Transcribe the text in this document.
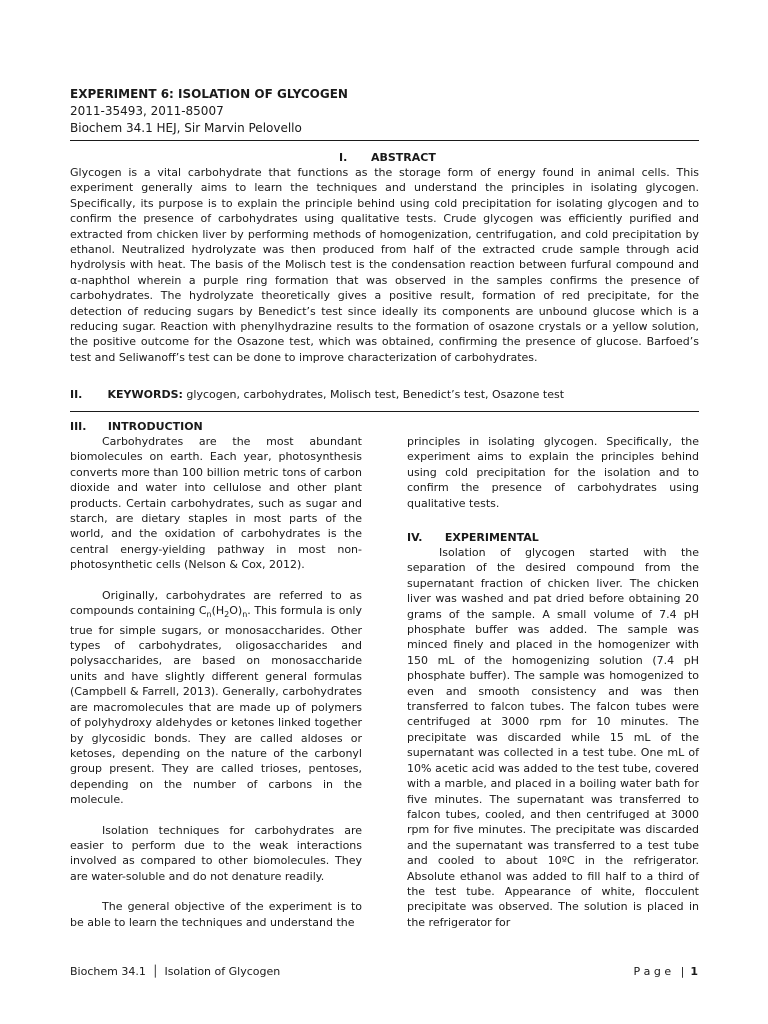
EXPERIMENT 6: ISOLATION OF GLYCOGEN
2011-35493, 2011-85007
Biochem 34.1 HEJ, Sir Marvin Pelovello
I. ABSTRACT
Glycogen is a vital carbohydrate that functions as the storage form of energy found in animal cells. This experiment generally aims to learn the techniques and understand the principles in isolating glycogen. Specifically, its purpose is to explain the principle behind using cold precipitation for isolating glycogen and to confirm the presence of carbohydrates using qualitative tests. Crude glycogen was efficiently purified and extracted from chicken liver by performing methods of homogenization, centrifugation, and cold precipitation by ethanol. Neutralized hydrolyzate was then produced from half of the extracted crude sample through acid hydrolysis with heat. The basis of the Molisch test is the condensation reaction between furfural compound and α-naphthol wherein a purple ring formation that was observed in the samples confirms the presence of carbohydrates. The hydrolyzate theoretically gives a positive result, formation of red precipitate, for the detection of reducing sugars by Benedict’s test since ideally its components are unbound glucose which is a reducing sugar. Reaction with phenylhydrazine results to the formation of osazone crystals or a yellow solution, the positive outcome for the Osazone test, which was obtained, confirming the presence of glucose. Barfoed’s test and Seliwanoff’s test can be done to improve characterization of carbohydrates.
II. KEYWORDS: glycogen, carbohydrates, Molisch test, Benedict’s test, Osazone test
III. INTRODUCTION

Carbohydrates are the most abundant biomolecules on earth. Each year, photosynthesis converts more than 100 billion metric tons of carbon dioxide and water into cellulose and other plant products. Certain carbohydrates, such as sugar and starch, are dietary staples in most parts of the world, and the oxidation of carbohydrates is the central energy-yielding pathway in most non-photosynthetic cells (Nelson & Cox, 2012).

Originally, carbohydrates are referred to as compounds containing $C_n(H_2O)_n$. This formula is only true for simple sugars, or monosaccharides. Other types of carbohydrates, oligosaccharides and polysaccharides, are based on monosaccharide units and have slightly different general formulas (Campbell & Farrell, 2013). Generally, carbohydrates are macromolecules that are made up of polymers of polyhydroxy aldehydes or ketones linked together by glycosidic bonds. They are called aldoses or ketoses, depending on the nature of the carbonyl group present. They are called trioses, pentoses, depending on the number of carbons in the molecule.

Isolation techniques for carbohydrates are easier to perform due to the weak interactions involved as compared to other biomolecules. They are water-soluble and do not denature readily.

The general objective of the experiment is to be able to learn the techniques and understand the

principles in isolating glycogen. Specifically, the experiment aims to explain the principles behind using cold precipitation for the isolation and to confirm the presence of carbohydrates using qualitative tests.

IV. EXPERIMENTAL

Isolation of glycogen started with the separation of the desired compound from the supernatant fraction of chicken liver. The chicken liver was washed and pat dried before obtaining 20 grams of the sample. A small volume of 7.4 pH phosphate buffer was added. The sample was minced finely and placed in the homogenizer with 150 mL of the homogenizing solution (7.4 pH phosphate buffer). The sample was homogenized to even and smooth consistency and was then transferred to falcon tubes. The falcon tubes were centrifuged at 3000 rpm for 10 minutes. The precipitate was discarded while 15 mL of the supernatant was collected in a test tube. One mL of 10% acetic acid was added to the test tube, covered with a marble, and placed in a boiling water bath for five minutes. The supernatant was transferred to falcon tubes, cooled, and then centrifuged at 3000 rpm for five minutes. The precipitate was discarded and the supernatant was transferred to a test tube and cooled to about 10ºC in the refrigerator. Absolute ethanol was added to fill half to a third of the test tube. Appearance of white, flocculent precipitate was observed. The solution is placed in the refrigerator for

Biochem 34.1 │ Isolation of Glycogen	P a g e | 1
